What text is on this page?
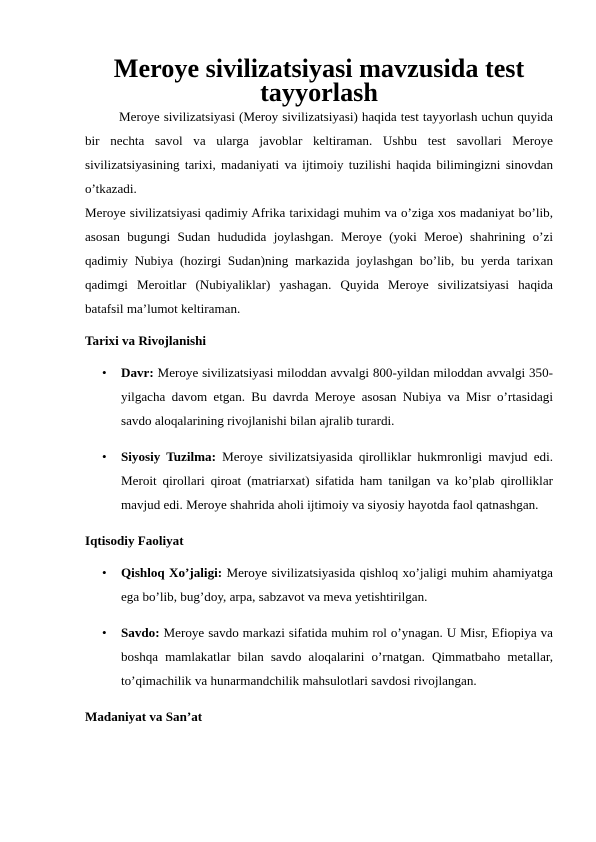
Meroye sivilizatsiyasi mavzusida test tayyorlash

Meroye sivilizatsiyasi (Meroy sivilizatsiyasi) haqida test tayyorlash uchun quyida bir nechta savol va ularga javoblar keltiraman. Ushbu test savollari Meroye sivilizatsiyasining tarixi, madaniyati va ijtimoiy tuzilishi haqida bilimingizni sinovdan o’tkazadi.

Meroye sivilizatsiyasi qadimiy Afrika tarixidagi muhim va o’ziga xos madaniyat bo’lib, asosan bugungi Sudan hududida joylashgan. Meroye (yoki Meroe) shahrining o’zi qadimiy Nubiya (hozirgi Sudan)ning markazida joylashgan bo’lib, bu yerda tarixan qadimgi Meroitlar (Nubiyaliklar) yashagan. Quyida Meroye sivilizatsiyasi haqida batafsil ma’lumot keltiraman.

Tarixi va Rivojlanishi
• Davr: Meroye sivilizatsiyasi miloddan avvalgi 800-yildan miloddan avvalgi 350-yilgacha davom etgan. Bu davrda Meroye asosan Nubiya va Misr o’rtasidagi savdo aloqalarining rivojlanishi bilan ajralib turardi.
• Siyosiy Tuzilma: Meroye sivilizatsiyasida qirolliklar hukmronligi mavjud edi. Meroit qirollari qiroat (matriarxat) sifatida ham tanilgan va ko’plab qirolliklar mavjud edi. Meroye shahrida aholi ijtimoiy va siyosiy hayotda faol qatnashgan.
Iqtisodiy Faoliyat
• Qishloq Xo’jaligi: Meroye sivilizatsiyasida qishloq xo’jaligi muhim ahamiyatga ega bo’lib, bug’doy, arpa, sabzavot va meva yetishtirilgan.
• Savdo: Meroye savdo markazi sifatida muhim rol o’ynagan. U Misr, Efiopiya va boshqa mamlakatlar bilan savdo aloqalarini o’rnatgan. Qimmatbaho metallar, to’qimachilik va hunarmandchilik mahsulotlari savdosi rivojlangan.
Madaniyat va San’at
